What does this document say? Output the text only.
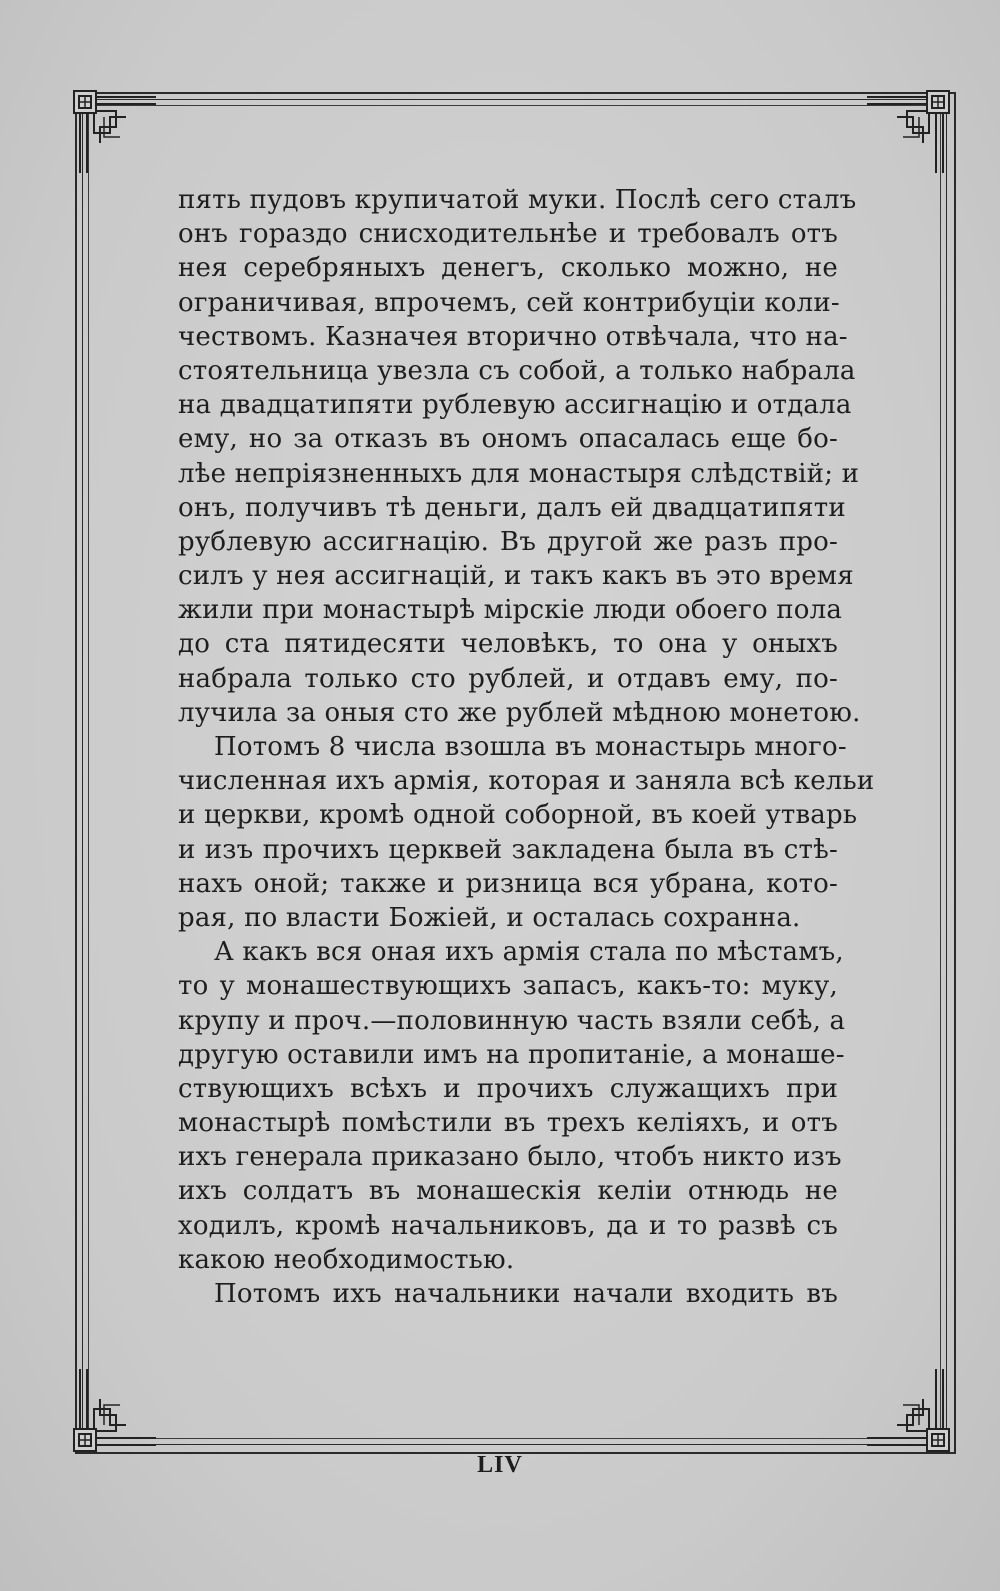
пять пудовъ крупичатой муки. Послѣ сего сталъ
онъ гораздо снисходительнѣе и требовалъ отъ
нея серебряныхъ денегъ, сколько можно, не
ограничивая, впрочемъ, сей контрибуціи коли-
чествомъ. Казначея вторично отвѣчала, что на-
стоятельница увезла съ собой, а только набрала
на двадцатипяти рублевую ассигнацію и отдала
ему, но за отказъ въ ономъ опасалась еще бо-
лѣе непріязненныхъ для монастыря слѣдствій; и
онъ, получивъ тѣ деньги, далъ ей двадцатипяти
рублевую ассигнацію. Въ другой же разъ про-
силъ у нея ассигнацій, и такъ какъ въ это время
жили при монастырѣ мірскіе люди обоего пола
до ста пятидесяти человѣкъ, то она у оныхъ
набрала только сто рублей, и отдавъ ему, по-
лучила за оныя сто же рублей мѣдною монетою.
Потомъ 8 числа взошла въ монастырь много-
численная ихъ армія, которая и заняла всѣ кельи
и церкви, кромѣ одной соборной, въ коей утварь
и изъ прочихъ церквей закладена была въ стѣ-
нахъ оной; также и ризница вся убрана, кото-
рая, по власти Божіей, и осталась сохранна.
А какъ вся оная ихъ армія стала по мѣстамъ,
то у монашествующихъ запасъ, какъ-то: муку,
крупу и проч.—половинную часть взяли себѣ, а
другую оставили имъ на пропитаніе, а монаше-
ствующихъ всѣхъ и прочихъ служащихъ при
монастырѣ помѣстили въ трехъ келіяхъ, и отъ
ихъ генерала приказано было, чтобъ никто изъ
ихъ солдатъ въ монашескія келіи отнюдь не
ходилъ, кромѣ начальниковъ, да и то развѣ съ
какою необходимостью.
Потомъ ихъ начальники начали входить въ
LIV
